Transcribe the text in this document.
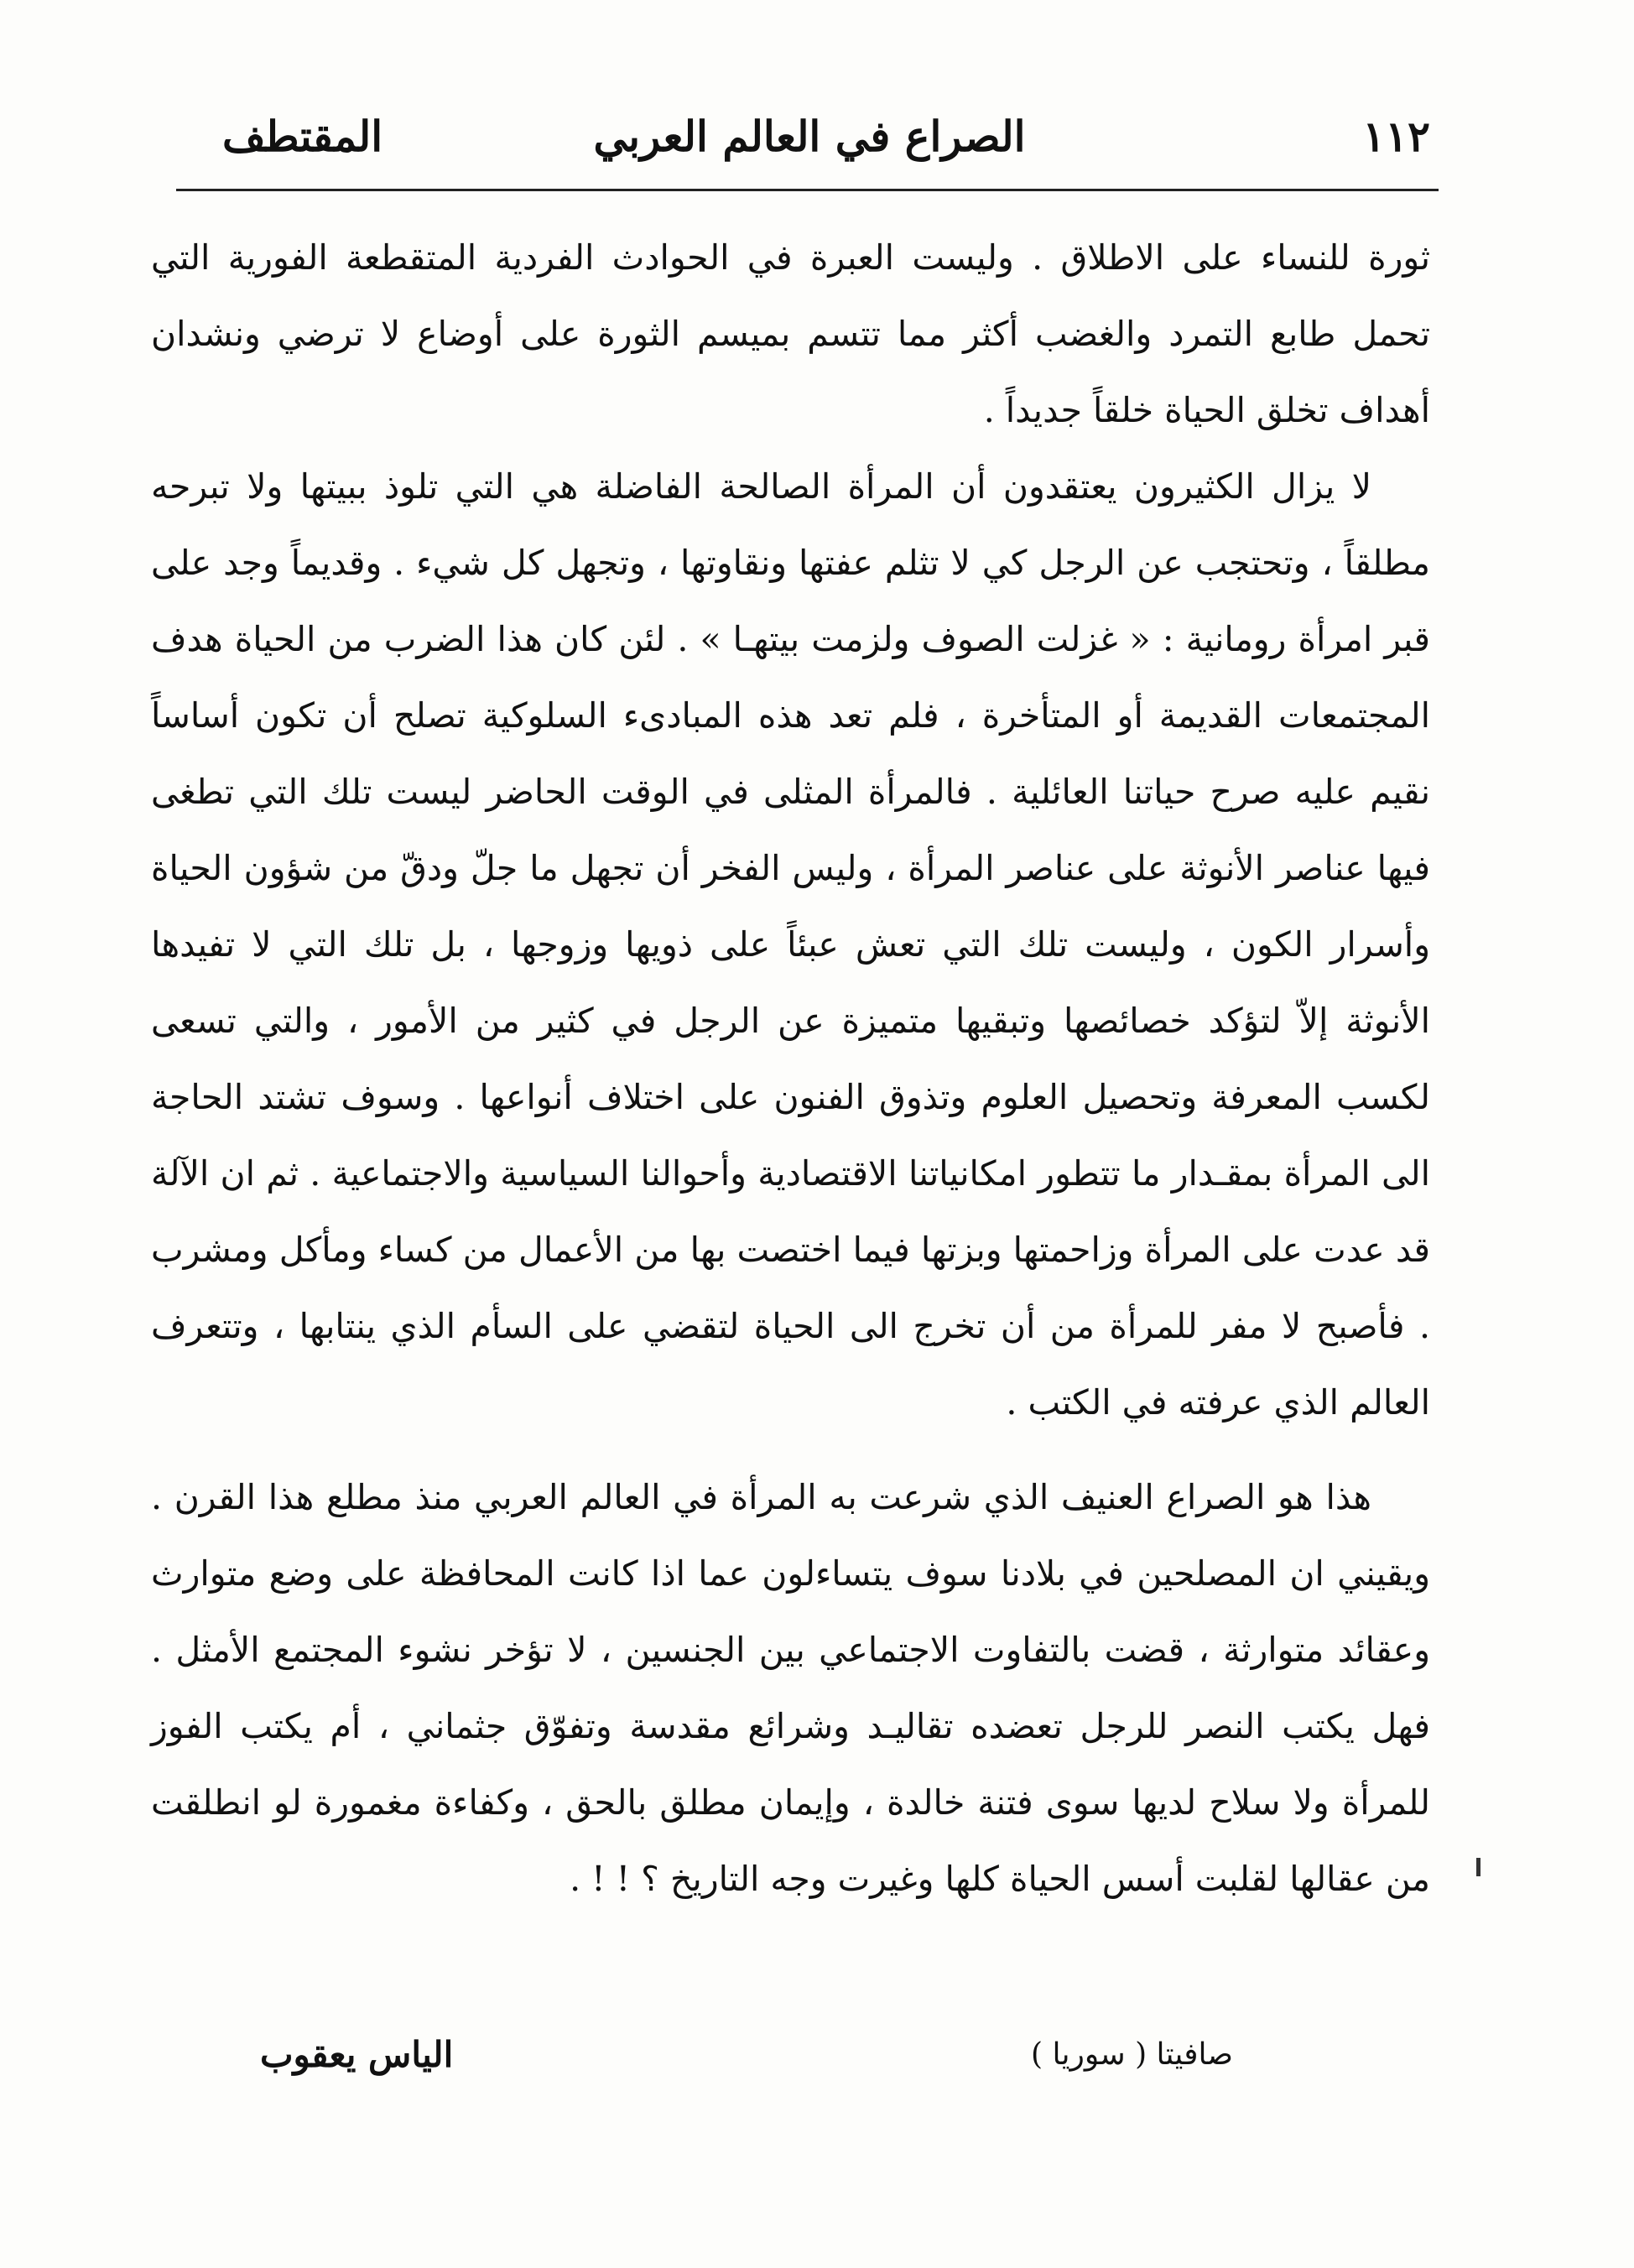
١١٢
الصراع في العالم العربي
المقتطف

ثورة للنساء على الاطلاق . وليست العبرة في الحوادث الفردية المتقطعة الفورية التي تحمل طابع التمرد والغضب أكثر مما تتسم بميسم الثورة على أوضاع لا ترضي ونشدان أهداف تخلق الحياة خلقاً جديداً .

لا يزال الكثيرون يعتقدون أن المرأة الصالحة الفاضلة هي التي تلوذ ببيتها ولا تبرحه مطلقاً ، وتحتجب عن الرجل كي لا تثلم عفتها ونقاوتها ، وتجهل كل شيء . وقديماً وجد على قبر امرأة رومانية : « غزلت الصوف ولزمت بيتهـا » . لئن كان هذا الضرب من الحياة هدف المجتمعات القديمة أو المتأخرة ، فلم تعد هذه المبادىء السلوكية تصلح أن تكون أساساً نقيم عليه صرح حياتنا العائلية . فالمرأة المثلى في الوقت الحاضر ليست تلك التي تطغى فيها عناصر الأنوثة على عناصر المرأة ، وليس الفخر أن تجهل ما جلّ ودقّ من شؤون الحياة وأسرار الكون ، وليست تلك التي تعش عبئاً على ذويها وزوجها ، بل تلك التي لا تفيدها الأنوثة إلاّ لتؤكد خصائصها وتبقيها متميزة عن الرجل في كثير من الأمور ، والتي تسعى لكسب المعرفة وتحصيل العلوم وتذوق الفنون على اختلاف أنواعها . وسوف تشتد الحاجة الى المرأة بمقـدار ما تتطور امكانياتنا الاقتصادية وأحوالنا السياسية والاجتماعية . ثم ان الآلة قد عدت على المرأة وزاحمتها وبزتها فيما اختصت بها من الأعمال من كساء ومأكل ومشرب . فأصبح لا مفر للمرأة من أن تخرج الى الحياة لتقضي على السأم الذي ينتابها ، وتتعرف العالم الذي عرفته في الكتب .

هذا هو الصراع العنيف الذي شرعت به المرأة في العالم العربي منذ مطلع هذا القرن . ويقيني ان المصلحين في بلادنا سوف يتساءلون عما اذا كانت المحافظة على وضع متوارث وعقائد متوارثة ، قضت بالتفاوت الاجتماعي بين الجنسين ، لا تؤخر نشوء المجتمع الأمثل . فهل يكتب النصر للرجل تعضده تقاليـد وشرائع مقدسة وتفوّق جثماني ، أم يكتب الفوز للمرأة ولا سلاح لديها سوى فتنة خالدة ، وإيمان مطلق بالحق ، وكفاءة مغمورة لو انطلقت من عقالها لقلبت أسس الحياة كلها وغيرت وجه التاريخ ؟ ! ! .

صافيتا ( سوريا )
الياس يعقوب
